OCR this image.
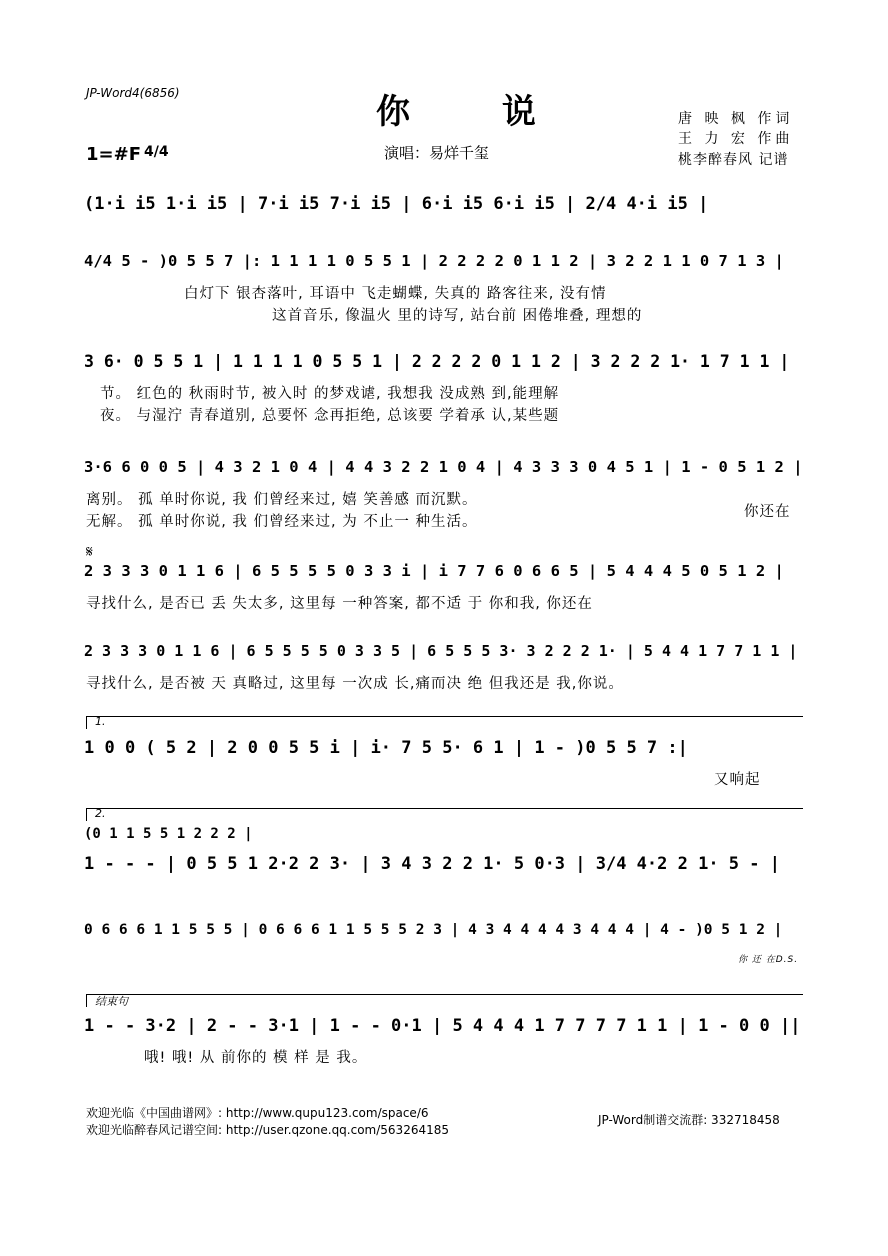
JP-Word4(6856)	你 说
1=#F 4/4	演唱：易烊千玺
唐 映 枫 作词
王 力 宏 作曲
桃李醉春风 记谱
(1·i i5 1·i i5 | 7·i i5 7·i i5 | 6·i i5 6·i i5 | 2/4 4·i i5 |
4/4 5 - )0 5 5 7 |: 1 1 1 1 0 5 5 1 | 2 2 2 2 0 1 1 2 | 3 2 2 1 1 0 7 1 3 |
白灯下 银杏落叶, 耳语中 飞走蝴蝶, 失真的 路客往来, 没有情
这首音乐, 像温火 里的诗写, 站台前 困倦堆叠, 理想的
3 6· 0 5 5 1 | 1 1 1 1 0 5 5 1 | 2 2 2 2 0 1 1 2 | 3 2 2 2 1· 1 7 1 1 |
节。 红色的 秋雨时节, 被入时 的梦戏谑, 我想我 没成熟 到,能理解
夜。 与湿泞 青春道别, 总要怀 念再拒绝, 总该要 学着承 认,某些题
3·6 6 0 0 5 | 4 3 2 1 0 4 | 4 4 3 2 2 1 0 4 | 4 3 3 3 0 4 5 1 | 1 - 0 5 1 2 |
离别。 孤 单时你说, 我 们曾经来过, 嬉 笑善感 而沉默。
无解。 孤 单时你说, 我 们曾经来过, 为 不止一 种生活。
你还在
𝄋
2 3 3 3 0 1 1 6 | 6 5 5 5 5 0 3 3 i | i 7 7 6 0 6 6 5 | 5 4 4 4 5 0 5 1 2 |
寻找什么, 是否已 丢 失太多, 这里每 一种答案, 都不适 于 你和我, 你还在
2 3 3 3 0 1 1 6 | 6 5 5 5 5 0 3 3 5 | 6 5 5 5 3· 3 2 2 2 1· | 5 4 4 1 7 7 1 1 |
寻找什么, 是否被 天 真略过, 这里每 一次成 长,痛而决 绝 但我还是 我,你说。
1.
1 0 0 ( 5 2 | 2 0 0 5 5 i | i· 7 5 5· 6 1 | 1 - )0 5 5 7 :|
又响起
2.
(0 1 1 5 5 1 2 2 2 |
1 - - - | 0 5 5 1 2·2 2 3· | 3 4 3 2 2 1· 5 0·3 | 3/4 4·2 2 1· 5 - |
0 6 6 6 1 1 5 5 5 | 0 6 6 6 1 1 5 5 5 2 3 | 4 3 4 4 4 4 3 4 4 4 | 4 - )0 5 1 2 |
你 还 在D.S.
结束句
1 - - 3·2 | 2 - - 3·1 | 1 - - 0·1 | 5 4 4 4 1 7 7 7 7 1 1 | 1 - 0 0 ||
哦! 哦! 从 前你的 模 样 是 我。
欢迎光临《中国曲谱网》: http://www.qupu123.com/space/6
欢迎光临醉春风记谱空间: http://user.qzone.qq.com/563264185
JP-Word制谱交流群: 332718458
